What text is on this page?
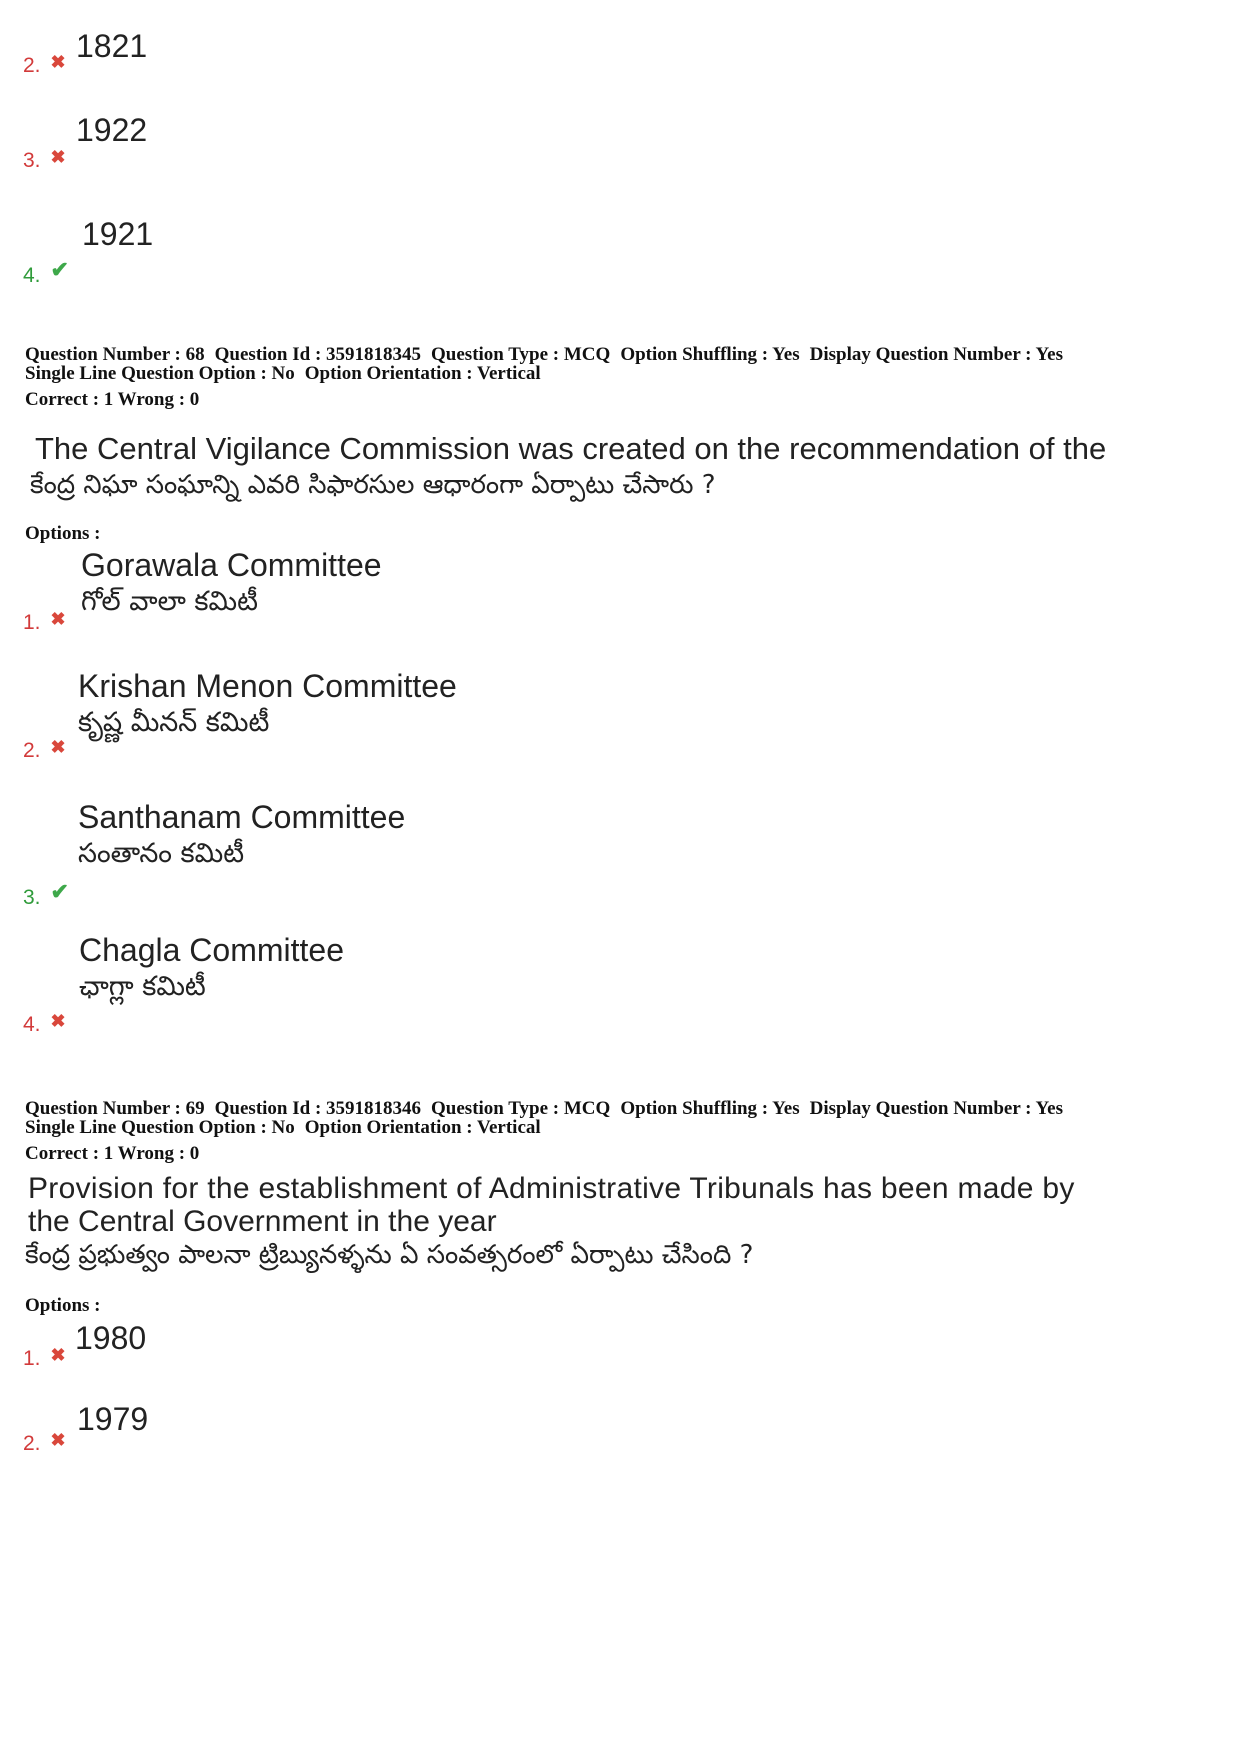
2. ✖ 1821
3. ✖
1922
4. ✔
1921
Question Number : 68 Question Id : 3591818345 Question Type : MCQ Option Shuffling : Yes Display Question Number : Yes
Single Line Question Option : No Option Orientation : Vertical
Correct : 1 Wrong : 0
The Central Vigilance Commission was created on the recommendation of the
కేంద్ర నిఘా సంఘాన్ని ఎవరి సిఫారసుల ఆధారంగా ఏర్పాటు చేసారు ?
Options :
Gorawala Committee
గోల్ వాలా కమిటీ
1. ✖
Krishan Menon Committee
కృష్ణ మీనన్ కమిటీ
2. ✖
Santhanam Committee
సంతానం కమిటీ
3. ✔
Chagla Committee
ఛాగ్లా కమిటీ
4. ✖
Question Number : 69 Question Id : 3591818346 Question Type : MCQ Option Shuffling : Yes Display Question Number : Yes
Single Line Question Option : No Option Orientation : Vertical
Correct : 1 Wrong : 0
Provision for the establishment of Administrative Tribunals has been made by
the Central Government in the year
కేంద్ర ప్రభుత్వం పాలనా ట్రిబ్యునళ్ళను ఏ సంవత్సరంలో ఏర్పాటు చేసింది ?
Options :
1. ✖ 1980
2. ✖
1979
